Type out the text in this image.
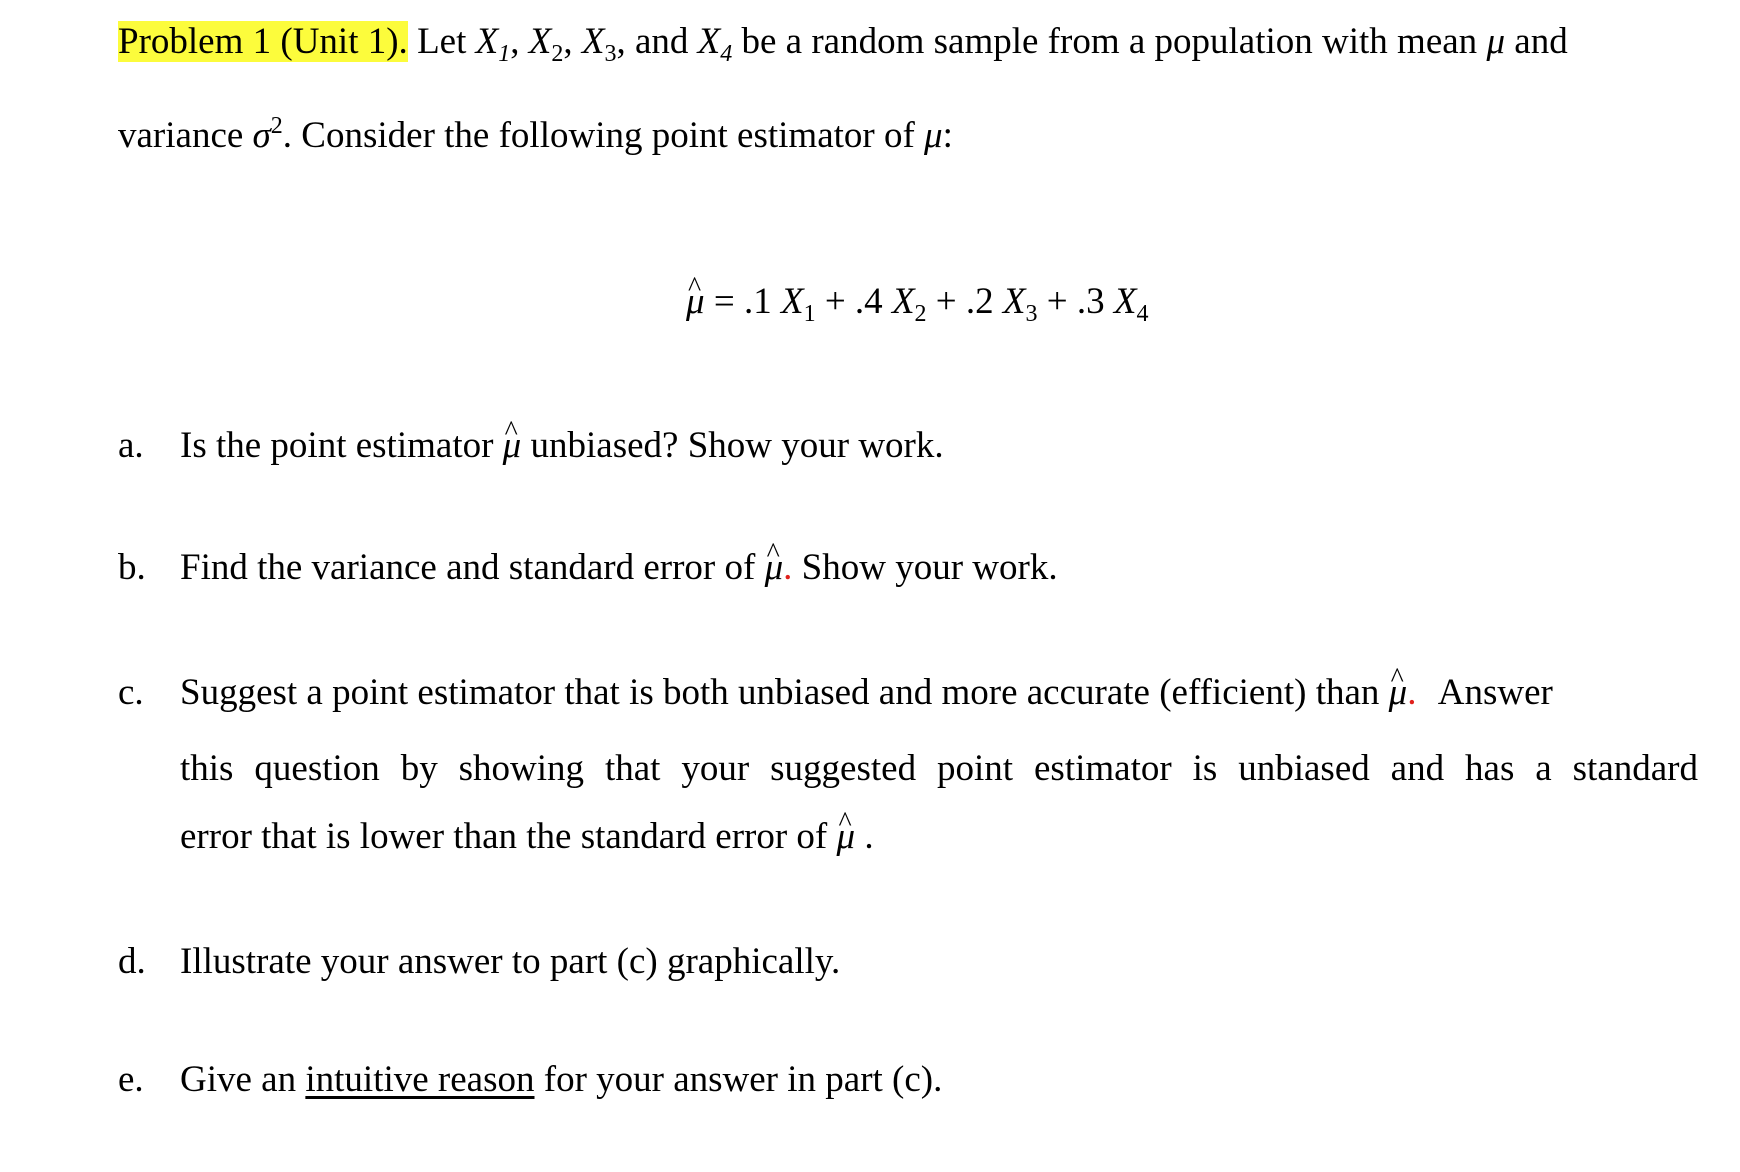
Problem 1 (Unit 1). Let $X_1$, $X_2$, $X_3$, and $X_4$ be a random sample from a population with mean μ and
variance $\sigma^2$. Consider the following point estimator of μ:
^ μ = .1 $X_1 + .4$ $X_2 + .2$ $X_3 + .3$ $X_4$
a. Is the point estimator ^ μ unbiased? Show your work.
b. Find the variance and standard error of ^ μ. Show your work.
c. Suggest a point estimator that is both unbiased and more accurate (efficient) than ^ μ. Answer
this question by showing that your suggested point estimator is unbiased and has a standard
error that is lower than the standard error of ^ μ .
d. Illustrate your answer to part (c) graphically.
e. Give an intuitive reason for your answer in part (c).
